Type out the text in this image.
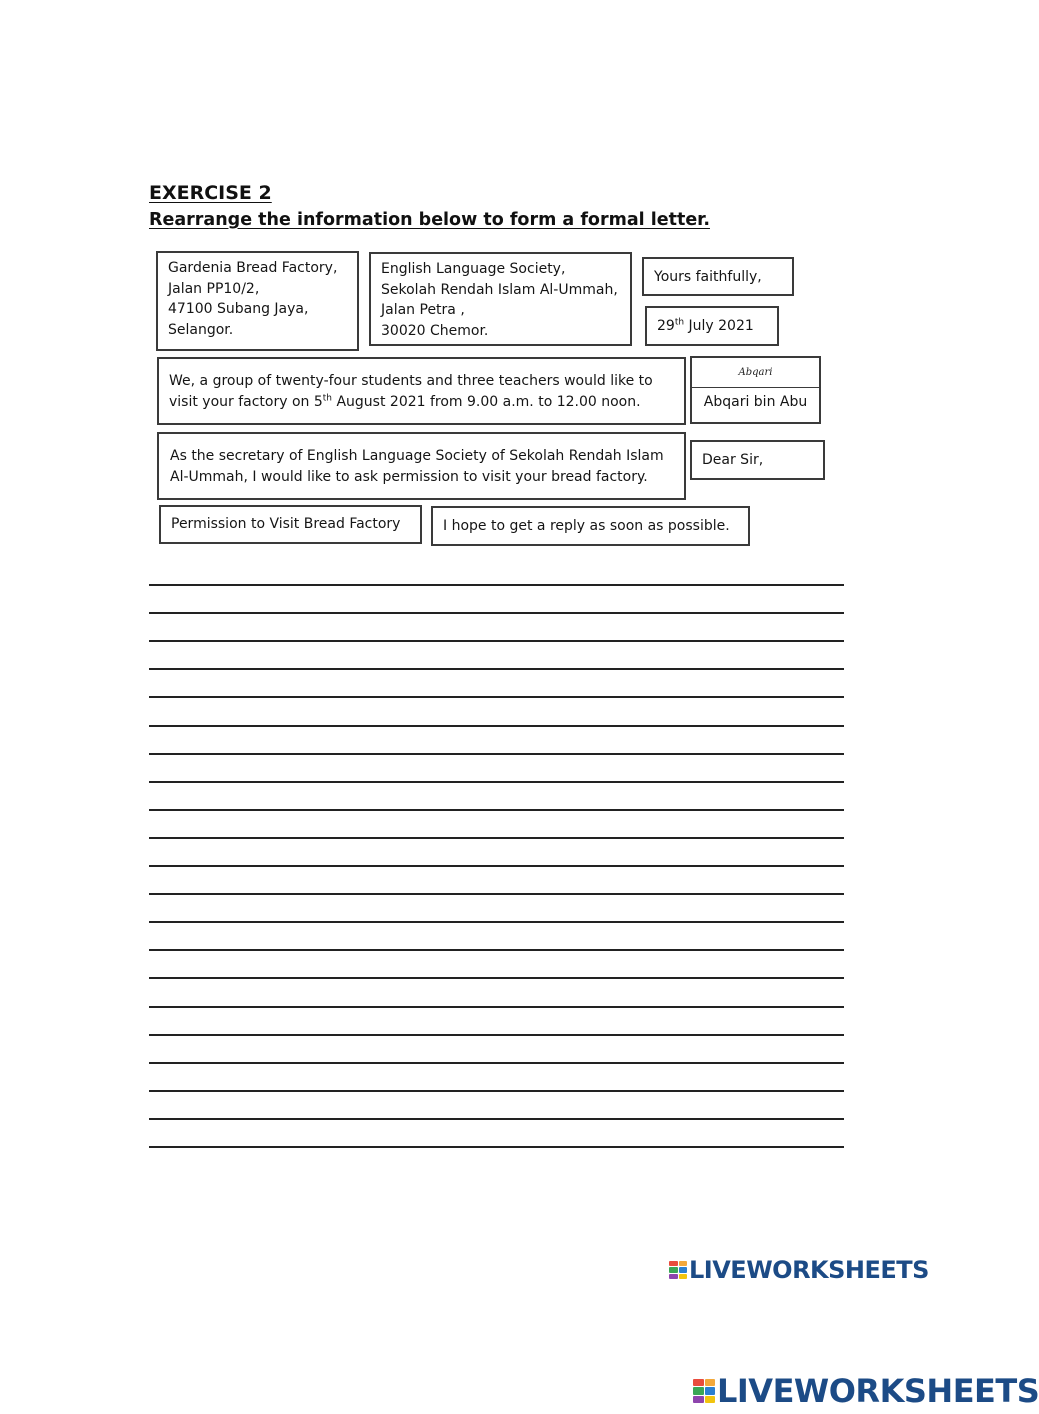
EXERCISE 2
Rearrange the information below to form a formal letter.
Gardenia Bread Factory,
Jalan PP10/2,
47100 Subang Jaya,
Selangor.
English Language Society,
Sekolah Rendah Islam Al-Ummah,
Jalan Petra ,
30020 Chemor.
Yours faithfully,
29th July 2021
We, a group of twenty-four students and three teachers would like to
visit your factory on 5th August 2021 from 9.00 a.m. to 12.00 noon.
Abqari
Abqari bin Abu
As the secretary of English Language Society of Sekolah Rendah Islam
Al-Ummah, I would like to ask permission to visit your bread factory.
Dear Sir,
Permission to Visit Bread Factory	I hope to get a reply as soon as possible.
LIVEWORKSHEETS
LIVEWORKSHEETS
